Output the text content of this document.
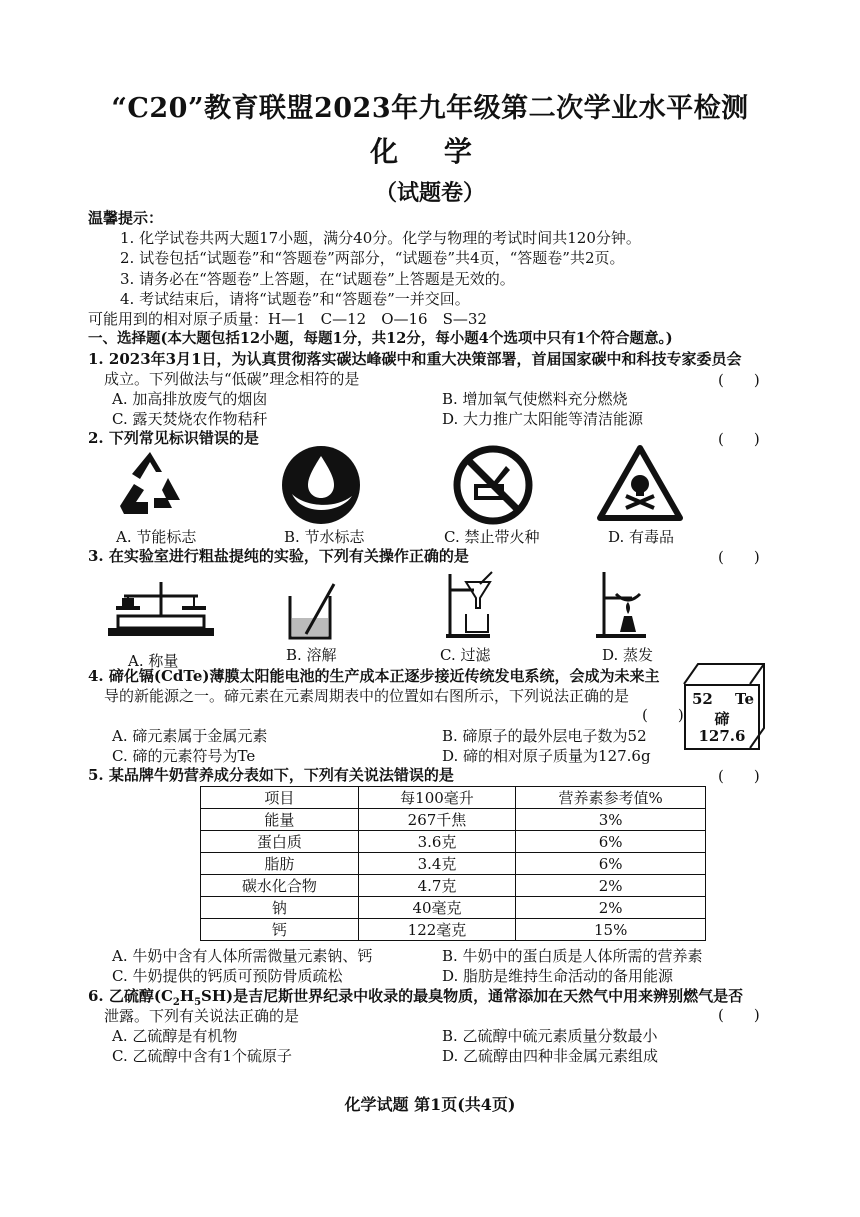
“C20”教育联盟2023年九年级第二次学业水平检测
化 学
（试题卷）
温馨提示：
1. 化学试卷共两大题17小题，满分40分。化学与物理的考试时间共120分钟。
2. 试卷包括“试题卷”和“答题卷”两部分，“试题卷”共4页，“答题卷”共2页。
3. 请务必在“答题卷”上答题，在“试题卷”上答题是无效的。
4. 考试结束后，请将“试题卷”和“答题卷”一并交回。
可能用到的相对原子质量：H—1　C—12　O—16　S—32
一、选择题(本大题包括12小题，每题1分，共12分，每小题4个选项中只有1个符合题意。)
1. 2023年3月1日，为认真贯彻落实碳达峰碳中和重大决策部署，首届国家碳中和科技专家委员会
成立。下列做法与“低碳”理念相符的是	(　　)
A. 加高排放废气的烟囱	B. 增加氧气使燃料充分燃烧
C. 露天焚烧农作物秸秆	D. 大力推广太阳能等清洁能源
2. 下列常见标识错误的是	(　　)
A. 节能标志	B. 节水标志	C. 禁止带火种	D. 有毒品
3. 在实验室进行粗盐提纯的实验，下列有关操作正确的是	(　　)
A. 称量	B. 溶解	C. 过滤	D. 蒸发
4. 碲化镉(CdTe)薄膜太阳能电池的生产成本正逐步接近传统发电系统，会成为未来主
导的新能源之一。碲元素在元素周期表中的位置如右图所示，下列说法正确的是
(　　)
A. 碲元素属于金属元素	B. 碲原子的最外层电子数为52
C. 碲的元素符号为Te	D. 碲的相对原子质量为127.6g
52 Te
碲
127.6
5. 某品牌牛奶营养成分表如下，下列有关说法错误的是	(　　)
项目	每100毫升	营养素参考值%
能量	267千焦	3%
蛋白质	3.6克	6%
脂肪	3.4克	6%
碳水化合物	4.7克	2%
钠	40毫克	2%
钙	122毫克	15%
A. 牛奶中含有人体所需微量元素钠、钙	B. 牛奶中的蛋白质是人体所需的营养素
C. 牛奶提供的钙质可预防骨质疏松	D. 脂肪是维持生命活动的备用能源
6. 乙硫醇$(C_2H_5SH)$是吉尼斯世界纪录中收录的最臭物质，通常添加在天然气中用来辨别燃气是否
泄露。下列有关说法正确的是	(　　)
A. 乙硫醇是有机物	B. 乙硫醇中硫元素质量分数最小
C. 乙硫醇中含有1个硫原子	D. 乙硫醇由四种非金属元素组成
化学试题 第1页(共4页)
